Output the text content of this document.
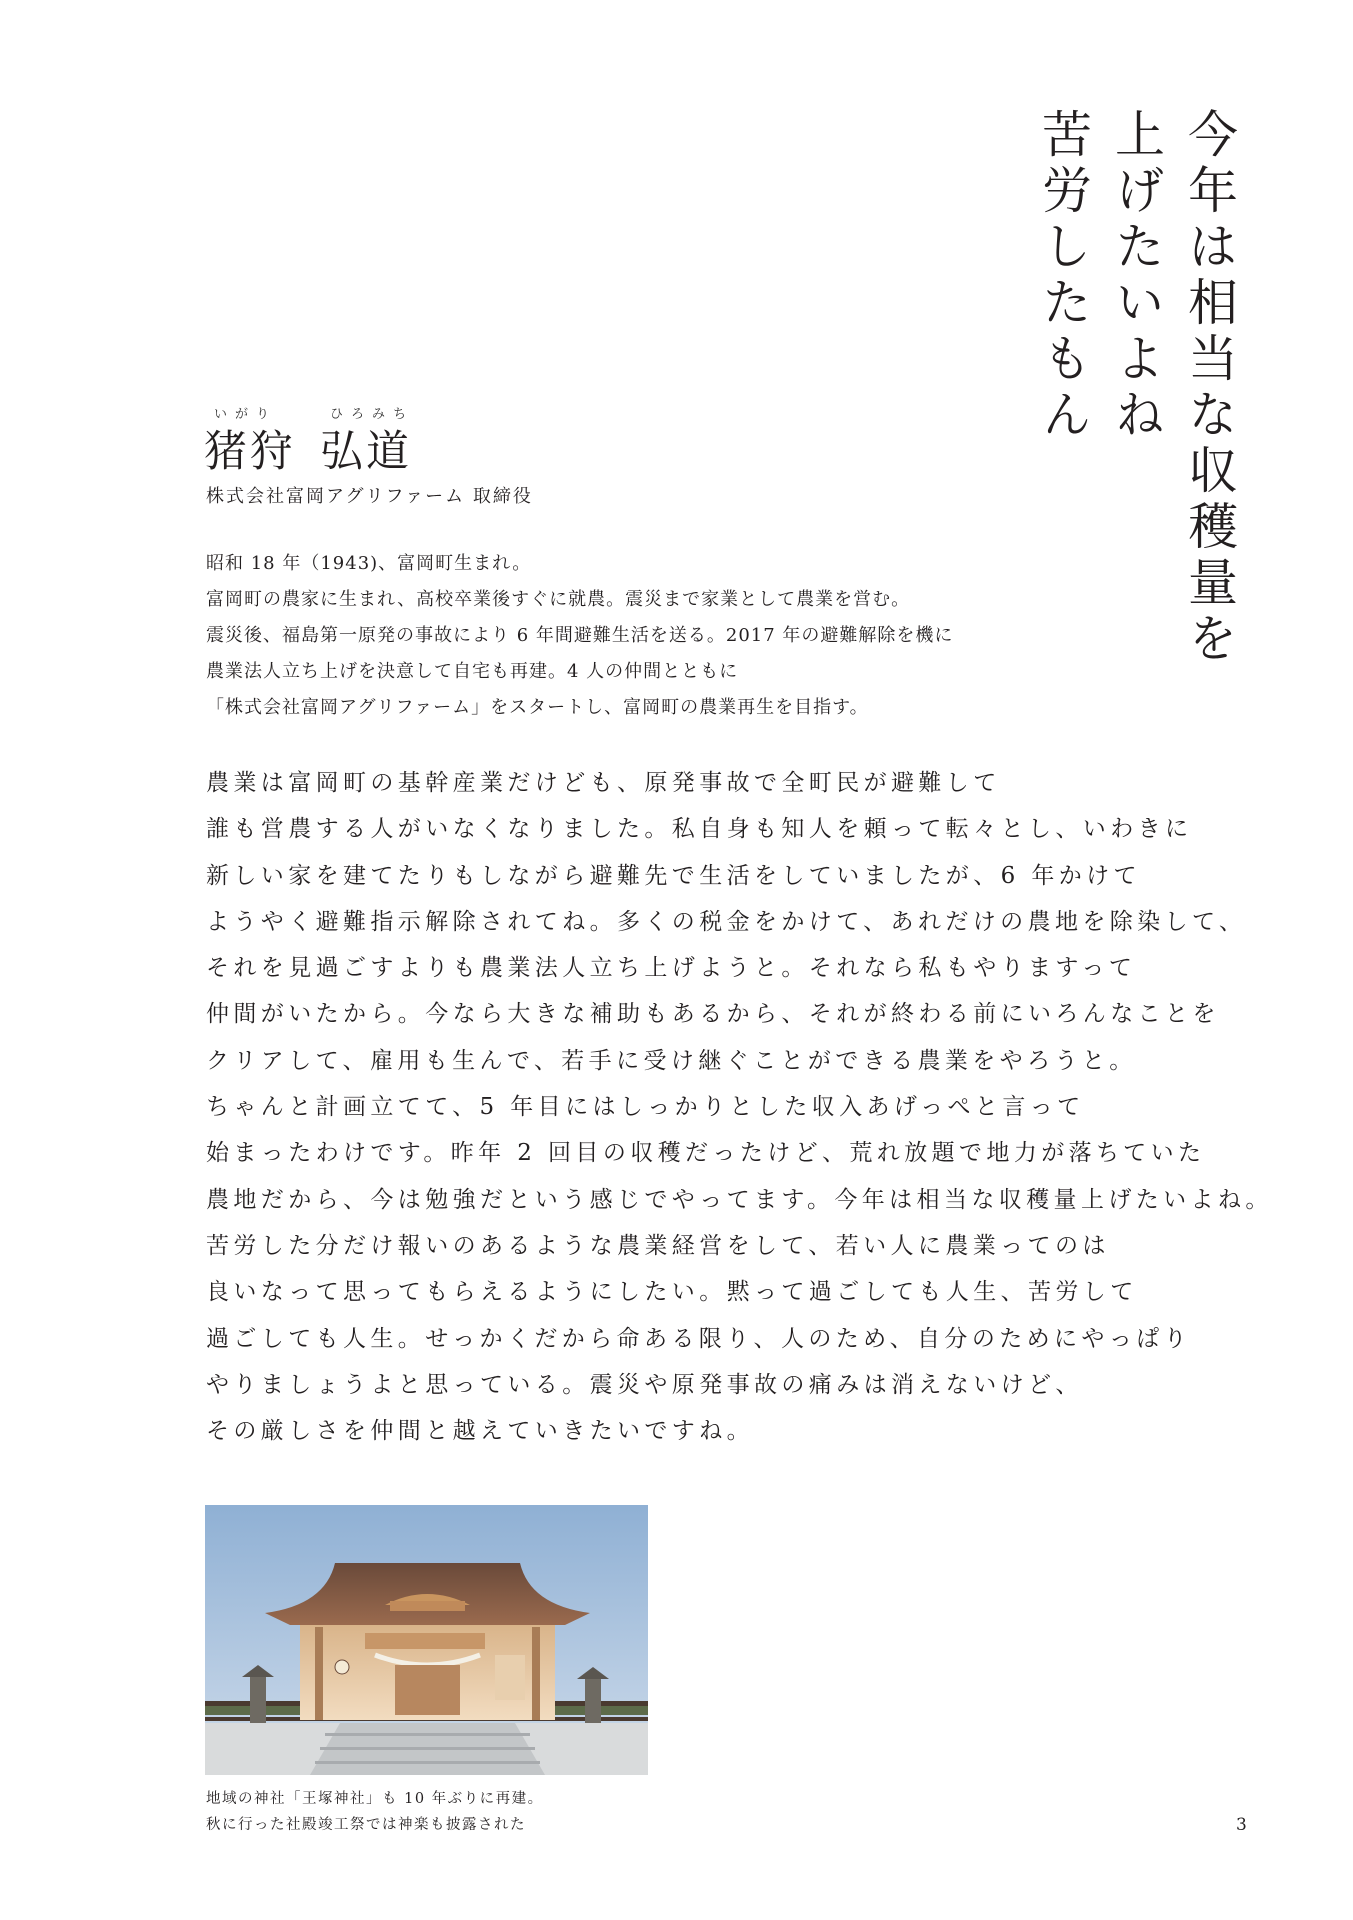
今年は相当な収穫量を
上げたいよね
苦労したもん
いがり	ひろみち
猪狩 弘道
株式会社富岡アグリファーム 取締役
昭和 18 年（1943)、富岡町生まれ。
富岡町の農家に生まれ、高校卒業後すぐに就農。震災まで家業として農業を営む。
震災後、福島第一原発の事故により 6 年間避難生活を送る。2017 年の避難解除を機に
農業法人立ち上げを決意して自宅も再建。4 人の仲間とともに
「株式会社富岡アグリファーム」をスタートし、富岡町の農業再生を目指す。
農業は富岡町の基幹産業だけども、原発事故で全町民が避難して
誰も営農する人がいなくなりました。私自身も知人を頼って転々とし、いわきに
新しい家を建てたりもしながら避難先で生活をしていましたが、6 年かけて
ようやく避難指示解除されてね。多くの税金をかけて、あれだけの農地を除染して、
それを見過ごすよりも農業法人立ち上げようと。それなら私もやりますって
仲間がいたから。今なら大きな補助もあるから、それが終わる前にいろんなことを
クリアして、雇用も生んで、若手に受け継ぐことができる農業をやろうと。
ちゃんと計画立てて、5 年目にはしっかりとした収入あげっぺと言って
始まったわけです。昨年 2 回目の収穫だったけど、荒れ放題で地力が落ちていた
農地だから、今は勉強だという感じでやってます。今年は相当な収穫量上げたいよね。
苦労した分だけ報いのあるような農業経営をして、若い人に農業ってのは
良いなって思ってもらえるようにしたい。黙って過ごしても人生、苦労して
過ごしても人生。せっかくだから命ある限り、人のため、自分のためにやっぱり
やりましょうよと思っている。震災や原発事故の痛みは消えないけど、
その厳しさを仲間と越えていきたいですね。
地域の神社「王塚神社」も 10 年ぶりに再建。
秋に行った社殿竣工祭では神楽も披露された	3
